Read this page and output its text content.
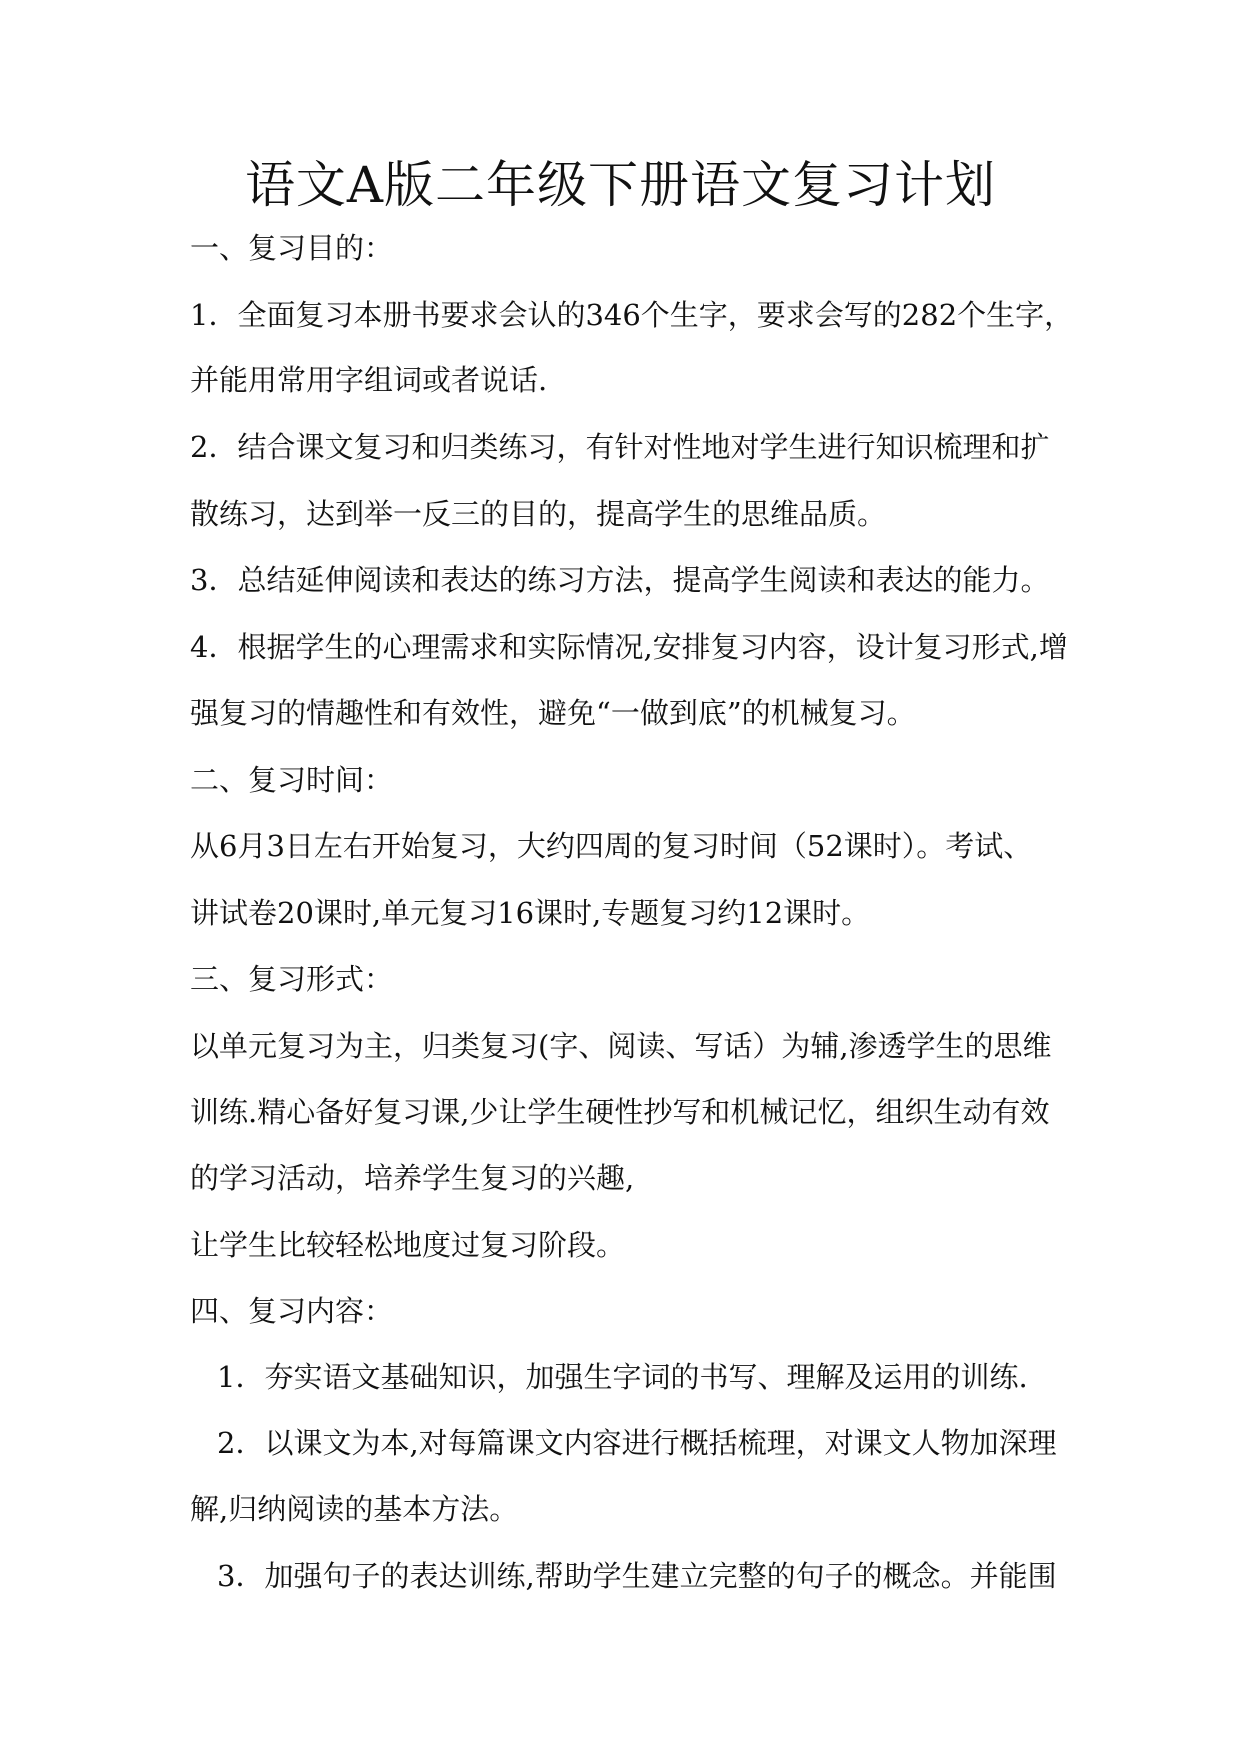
语文A版二年级下册语文复习计划

一、复习目的：

1．全面复习本册书要求会认的346个生字，要求会写的282个生字，

并能用常用字组词或者说话.

2．结合课文复习和归类练习，有针对性地对学生进行知识梳理和扩

散练习，达到举一反三的目的，提高学生的思维品质。

3．总结延伸阅读和表达的练习方法，提高学生阅读和表达的能力。

4．根据学生的心理需求和实际情况,安排复习内容，设计复习形式,增

强复习的情趣性和有效性，避免“一做到底”的机械复习。

二、复习时间：

从6月3日左右开始复习，大约四周的复习时间（52课时）。考试、

讲试卷20课时,单元复习16课时,专题复习约12课时。

三、复习形式：

以单元复习为主，归类复习(字、阅读、写话）为辅,渗透学生的思维

训练.精心备好复习课,少让学生硬性抄写和机械记忆，组织生动有效

的学习活动，培养学生复习的兴趣,

让学生比较轻松地度过复习阶段。

四、复习内容：

1．夯实语文基础知识，加强生字词的书写、理解及运用的训练.

2．以课文为本,对每篇课文内容进行概括梳理，对课文人物加深理

解,归纳阅读的基本方法。

3．加强句子的表达训练,帮助学生建立完整的句子的概念。并能围
